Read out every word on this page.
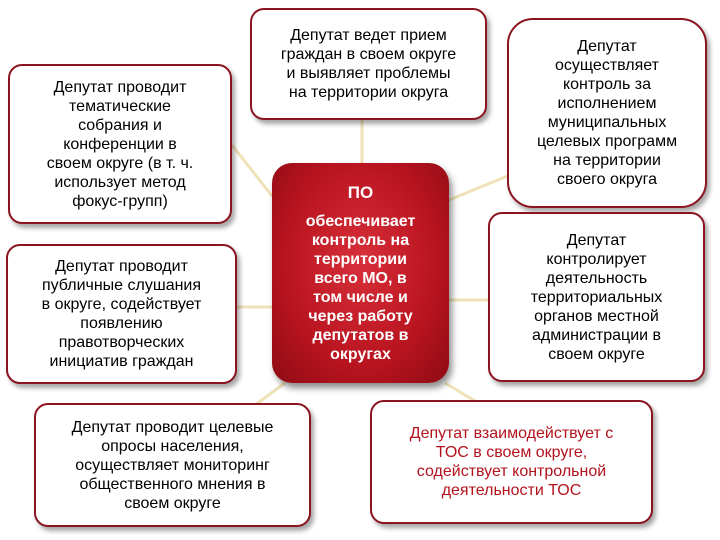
Депутат проводит
тематические
собрания и
конференции в
своем округе (в т. ч.
использует метод
фокус-групп)
Депутат ведет прием
граждан в своем округе
и выявляет проблемы
на территории округа
Депутат
осуществляет
контроль за
исполнением
муниципальных
целевых программ
на территории
своего округа
Депутат проводит
публичные слушания
в округе, содействует
появлению
правотворческих
инициатив граждан
ПО
обеспечивает
контроль на
территории
всего МО, в
том числе и
через работу
депутатов в
округах
Депутат
контролирует
деятельность
территориальных
органов местной
администрации в
своем округе
Депутат проводит целевые
опросы населения,
осуществляет мониторинг
общественного мнения в
своем округе
Депутат взаимодействует с
ТОС в своем округе,
содействует контрольной
деятельности ТОС
